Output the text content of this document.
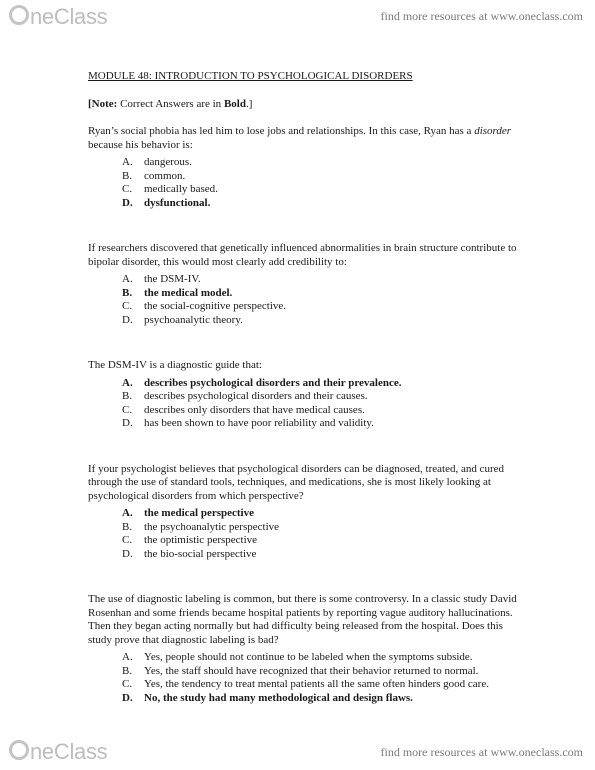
neClass	find more resources at www.oneclass.com

MODULE 48: INTRODUCTION TO PSYCHOLOGICAL DISORDERS

[Note: Correct Answers are in Bold.]

Ryan’s social phobia has led him to lose jobs and relationships. In this case, Ryan has a disorder because his behavior is:

A.	dangerous.
B.	common.
C.	medically based.
D.	dysfunctional.

If researchers discovered that genetically influenced abnormalities in brain structure contribute to bipolar disorder, this would most clearly add credibility to:

A.	the DSM-IV.
B.	the medical model.
C.	the social-cognitive perspective.
D.	psychoanalytic theory.

The DSM-IV is a diagnostic guide that:

A.	describes psychological disorders and their prevalence.
B.	describes psychological disorders and their causes.
C.	describes only disorders that have medical causes.
D.	has been shown to have poor reliability and validity.

If your psychologist believes that psychological disorders can be diagnosed, treated, and cured through the use of standard tools, techniques, and medications, she is most likely looking at psychological disorders from which perspective?

A.	the medical perspective
B.	the psychoanalytic perspective
C.	the optimistic perspective
D.	the bio-social perspective

The use of diagnostic labeling is common, but there is some controversy. In a classic study David Rosenhan and some friends became hospital patients by reporting vague auditory hallucinations. Then they began acting normally but had difficulty being released from the hospital. Does this study prove that diagnostic labeling is bad?

A.	Yes, people should not continue to be labeled when the symptoms subside.
B.	Yes, the staff should have recognized that their behavior returned to normal.
C.	Yes, the tendency to treat mental patients all the same often hinders good care.
D.	No, the study had many methodological and design flaws.
neClass	find more resources at www.oneclass.com
